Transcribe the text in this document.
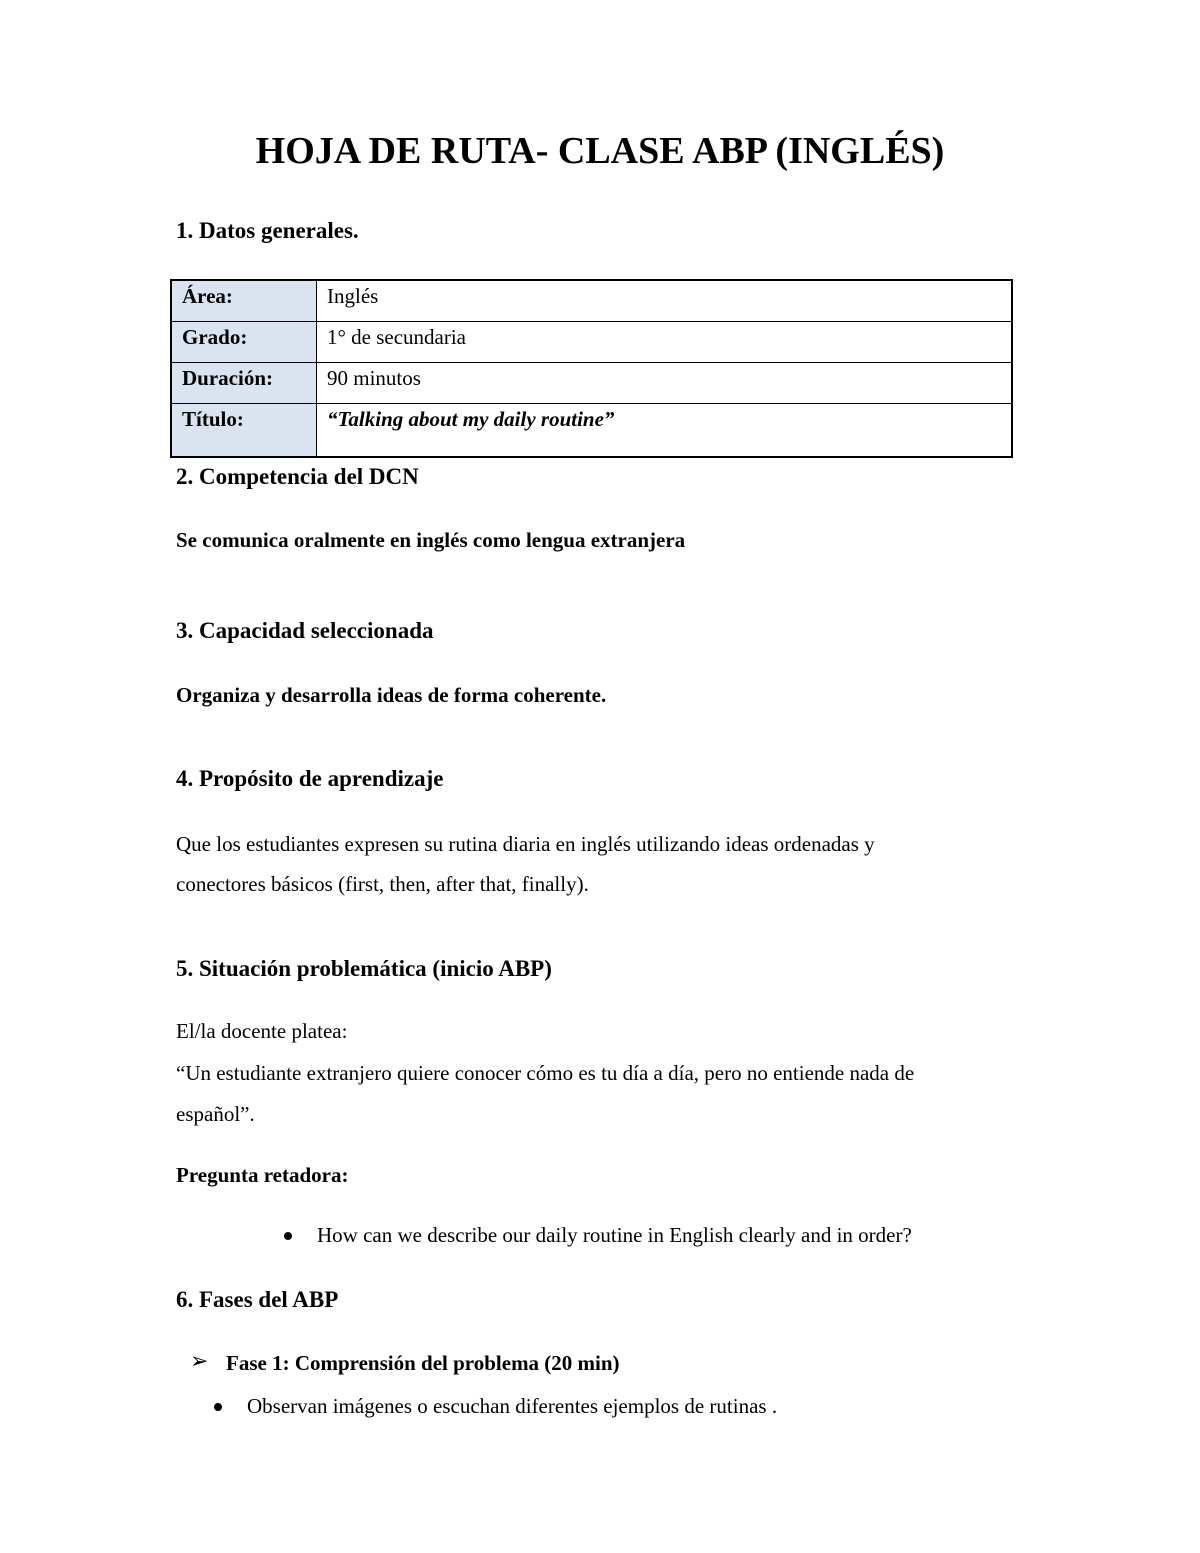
HOJA DE RUTA- CLASE ABP (INGLÉS)

1. Datos generales.

Área:	Inglés
Grado:	1° de secundaria
Duración:	90 minutos
Título:	“Talking about my daily routine”

2. Competencia del DCN

Se comunica oralmente en inglés como lengua extranjera

3. Capacidad seleccionada

Organiza y desarrolla ideas de forma coherente.

4. Propósito de aprendizaje

Que los estudiantes expresen su rutina diaria en inglés utilizando ideas ordenadas y

conectores básicos (first, then, after that, finally).

5. Situación problemática (inicio ABP)

El/la docente platea:

“Un estudiante extranjero quiere conocer cómo es tu día a día, pero no entiende nada de

español”.

Pregunta retadora:

How can we describe our daily routine in English clearly and in order?

6. Fases del ABP

➢ Fase 1: Comprensión del problema (20 min)

Observan imágenes o escuchan diferentes ejemplos de rutinas .
